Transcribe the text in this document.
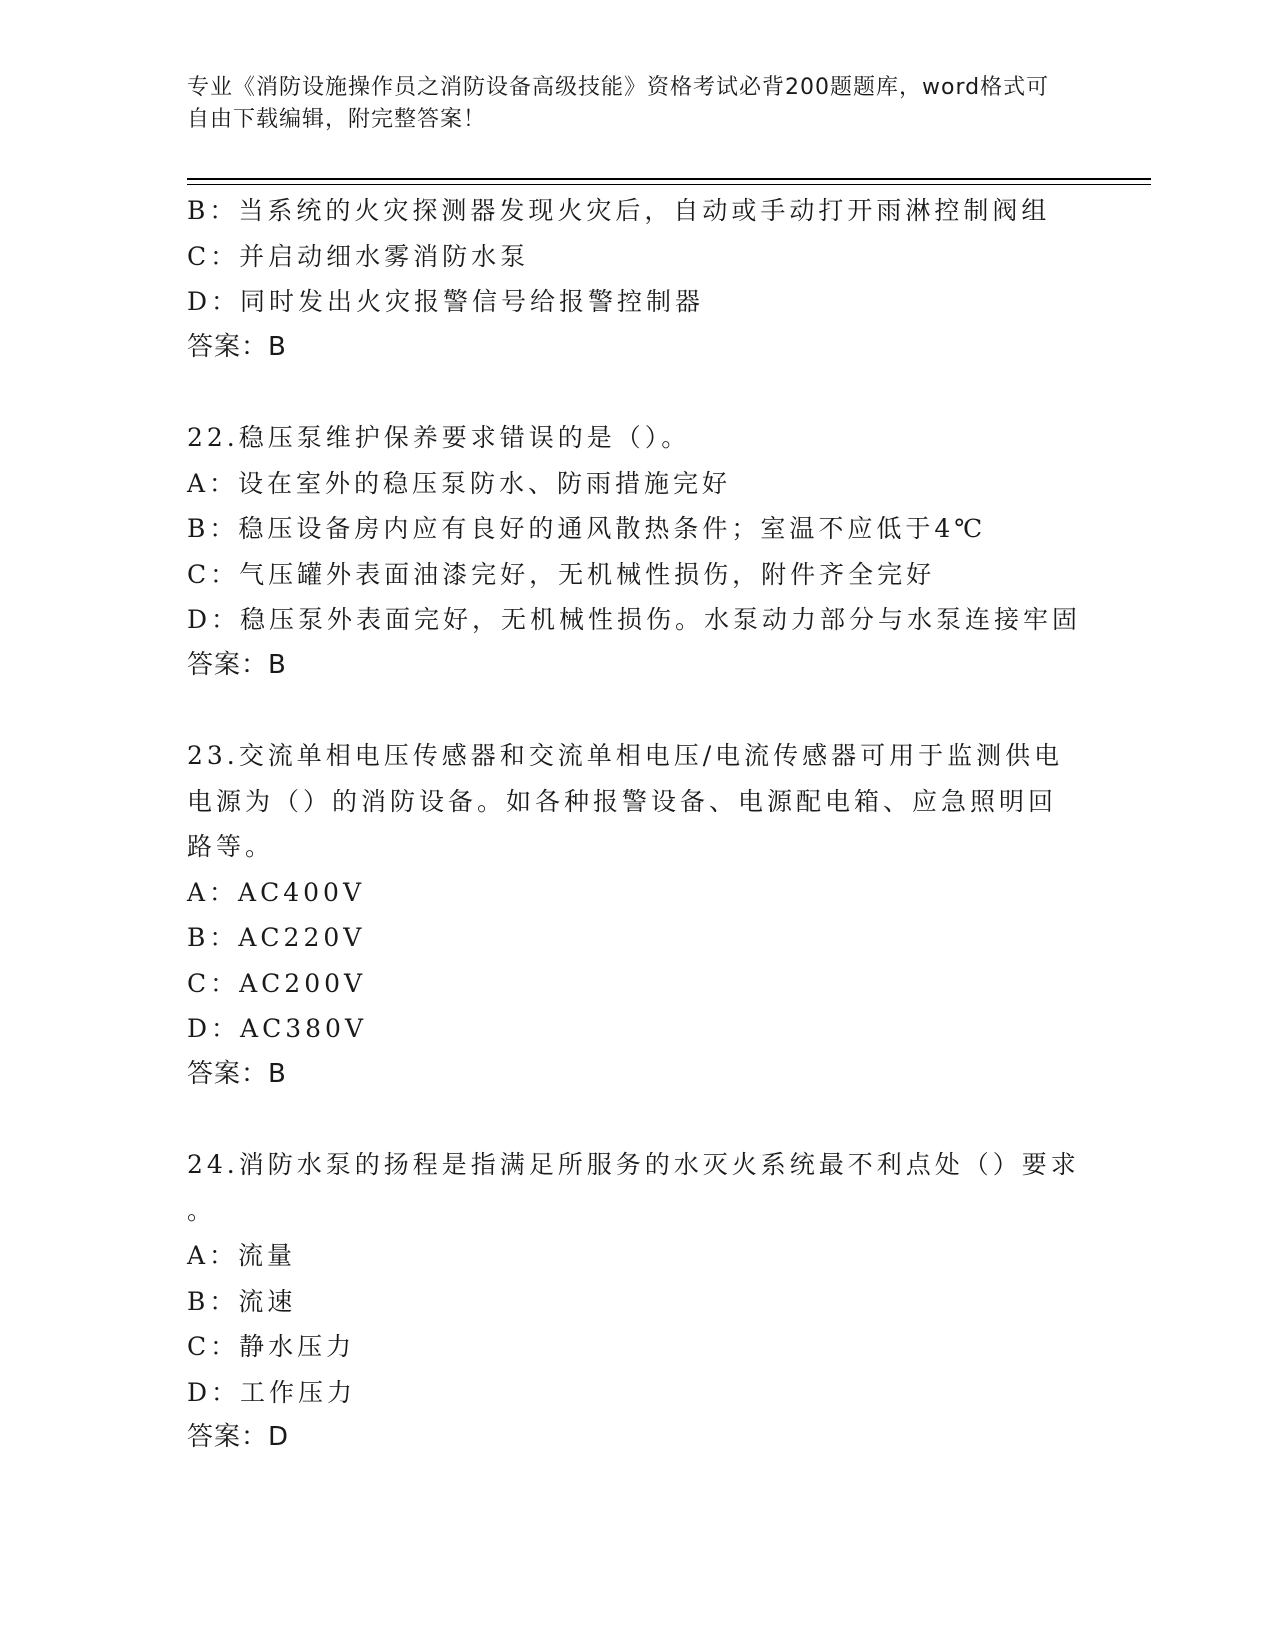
专业《消防设施操作员之消防设备高级技能》资格考试必背200题题库，word格式可自由下载编辑，附完整答案！
B：当系统的火灾探测器发现火灾后，自动或手动打开雨淋控制阀组
C：并启动细水雾消防水泵
D：同时发出火灾报警信号给报警控制器
答案：B
22.稳压泵维护保养要求错误的是（）。
A：设在室外的稳压泵防水、防雨措施完好
B：稳压设备房内应有良好的通风散热条件；室温不应低于4℃
C：气压罐外表面油漆完好，无机械性损伤，附件齐全完好
D：稳压泵外表面完好，无机械性损伤。水泵动力部分与水泵连接牢固
答案：B
23.交流单相电压传感器和交流单相电压/电流传感器可用于监测供电
电源为（）的消防设备。如各种报警设备、电源配电箱、应急照明回
路等。
A：AC400V
B：AC220V
C：AC200V
D：AC380V
答案：B
24.消防水泵的扬程是指满足所服务的水灭火系统最不利点处（）要求
。
A：流量
B：流速
C：静水压力
D：工作压力
答案：D
